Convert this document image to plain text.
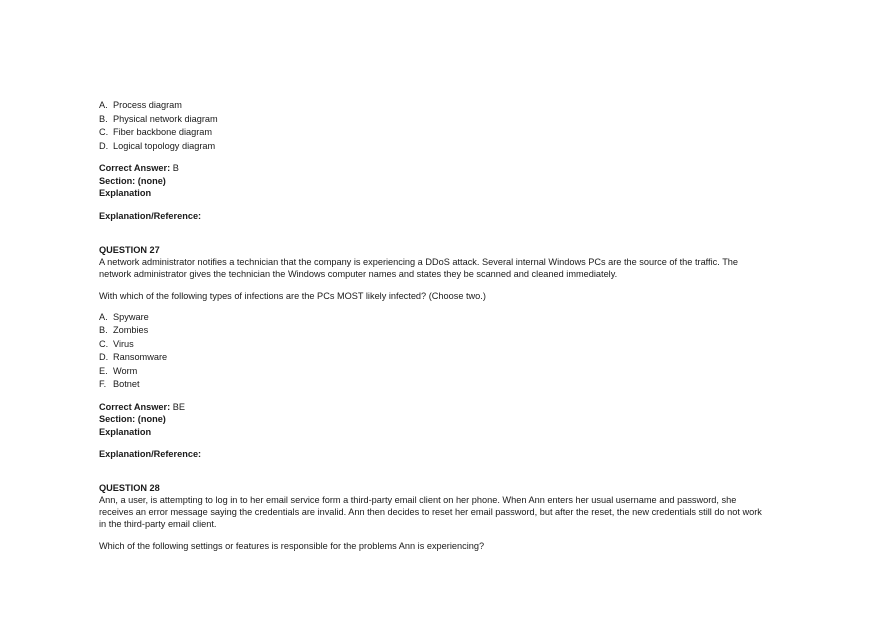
A. Process diagram
B. Physical network diagram
C. Fiber backbone diagram
D. Logical topology diagram
Correct Answer: B
Section: (none)
Explanation
Explanation/Reference:
QUESTION 27

A network administrator notifies a technician that the company is experiencing a DDoS attack. Several internal Windows PCs are the source of the traffic. The network administrator gives the technician the Windows computer names and states they be scanned and cleaned immediately.

With which of the following types of infections are the PCs MOST likely infected? (Choose two.)

A. Spyware
B. Zombies
C. Virus
D. Ransomware
E. Worm
F. Botnet
Correct Answer: BE
Section: (none)
Explanation
Explanation/Reference:
QUESTION 28

Ann, a user, is attempting to log in to her email service form a third-party email client on her phone. When Ann enters her usual username and password, she receives an error message saying the credentials are invalid. Ann then decides to reset her email password, but after the reset, the new credentials still do not work in the third-party email client.

Which of the following settings or features is responsible for the problems Ann is experiencing?
